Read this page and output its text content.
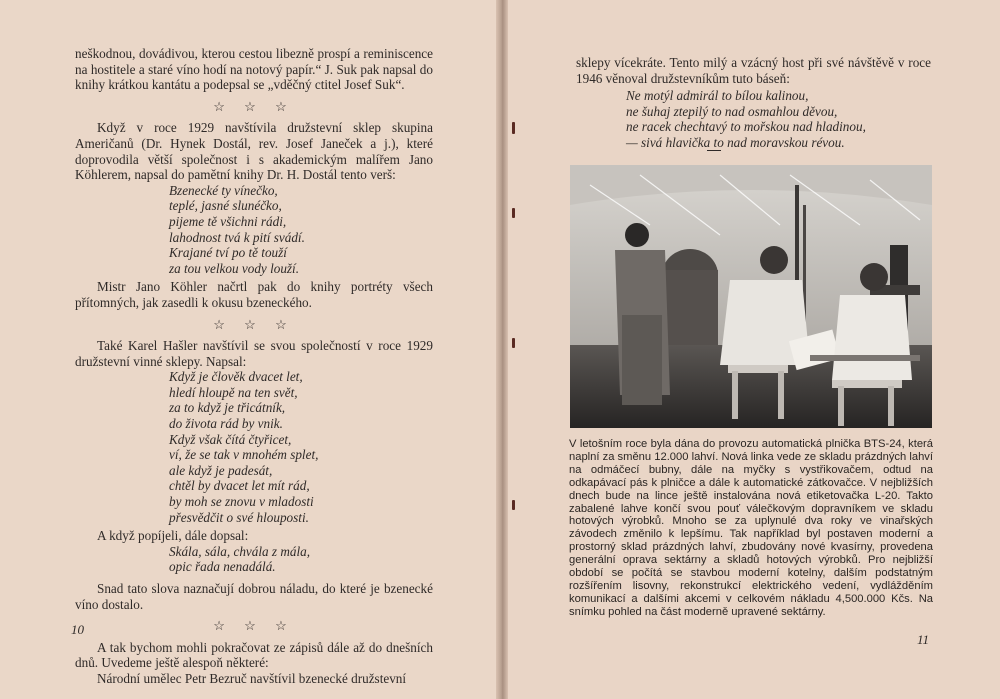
neškodnou, dovádivou, kterou cestou libezně prospí a reminiscence na hostitele a staré víno hodí na notový papír.“ J. Suk pak napsal do knihy krátkou kantátu a podepsal se „vděčný ctitel Josef Suk“.

☆ ☆ ☆

Když v roce 1929 navštívila družstevní sklep skupina Američanů (Dr. Hynek Dostál, rev. Josef Janeček a j.), které doprovodila větší společnost i s akademickým malířem Jano Köhlerem, napsal do pamětní knihy Dr. H. Dostál tento verš:

Bzenecké ty vínečko,
teplé, jasné slunéčko,
pijeme tě všichni rádi,
lahodnost tvá k pití svádí.
Krajané tví po tě touží
za tou velkou vody louží.

Mistr Jano Köhler načrtl pak do knihy portréty všech přítomných, jak zasedli k okusu bzeneckého.

☆ ☆ ☆

Také Karel Hašler navštívil se svou společností v roce 1929 družstevní vinné sklepy. Napsal:

Když je člověk dvacet let,
hledí hloupě na ten svět,
za to když je třicátník,
do života rád by vnik.
Když však čítá čtyřicet,
ví, že se tak v mnohém splet,
ale když je padesát,
chtěl by dvacet let mít rád,
by moh se znovu v mladosti
přesvědčit o své hlouposti.

A když popíjeli, dále dopsal:

Skála, sála, chvála z mála,
opic řada nenadálá.

Snad tato slova naznačují dobrou náladu, do které je bzenecké víno dostalo.

☆ ☆ ☆

A tak bychom mohli pokračovat ze zápisů dále až do dnešních dnů. Uvedeme ještě alespoň některé:

Národní umělec Petr Bezruč navštívil bzenecké družstevní

10

sklepy vícekráte. Tento milý a vzácný host při své návštěvě v roce 1946 věnoval družstevníkům tuto báseň:

Ne motýl admirál to bílou kalinou,
ne šuhaj ztepilý to nad osmahlou děvou,
ne racek chechtavý to mořskou nad hladinou,
— sivá hlavička to nad moravskou révou.
V letošním roce byla dána do provozu automatická plnička BTS-24, která naplní za směnu 12.000 lahví. Nová linka vede ze skladu prázdných lahví na odmáčecí bubny, dále na myčky s vystřikovačem, odtud na odkapávací pás k plničce a dále k automatické zátkovačce. V nejbližších dnech bude na lince ještě instalována nová etiketovačka L-20. Takto zabalené lahve končí svou pouť válečkovým dopravníkem ve skladu hotových výrobků. Mnoho se za uplynulé dva roky ve vinařských závodech změnilo k lepšímu. Tak například byl postaven moderní a prostorný sklad prázdných lahví, zbudovány nové kvasírny, provedena generální oprava sektárny a skladů hotových výrobků. Pro nejbližší období se počítá se stavbou moderní kotelny, dalším podstatným rozšířením lisovny, rekonstrukcí elektrického vedení, vydlážděním komunikací a dalšími akcemi v celkovém nákladu 4,500.000 Kčs. Na snímku pohled na část moderně upravené sektárny.
11
